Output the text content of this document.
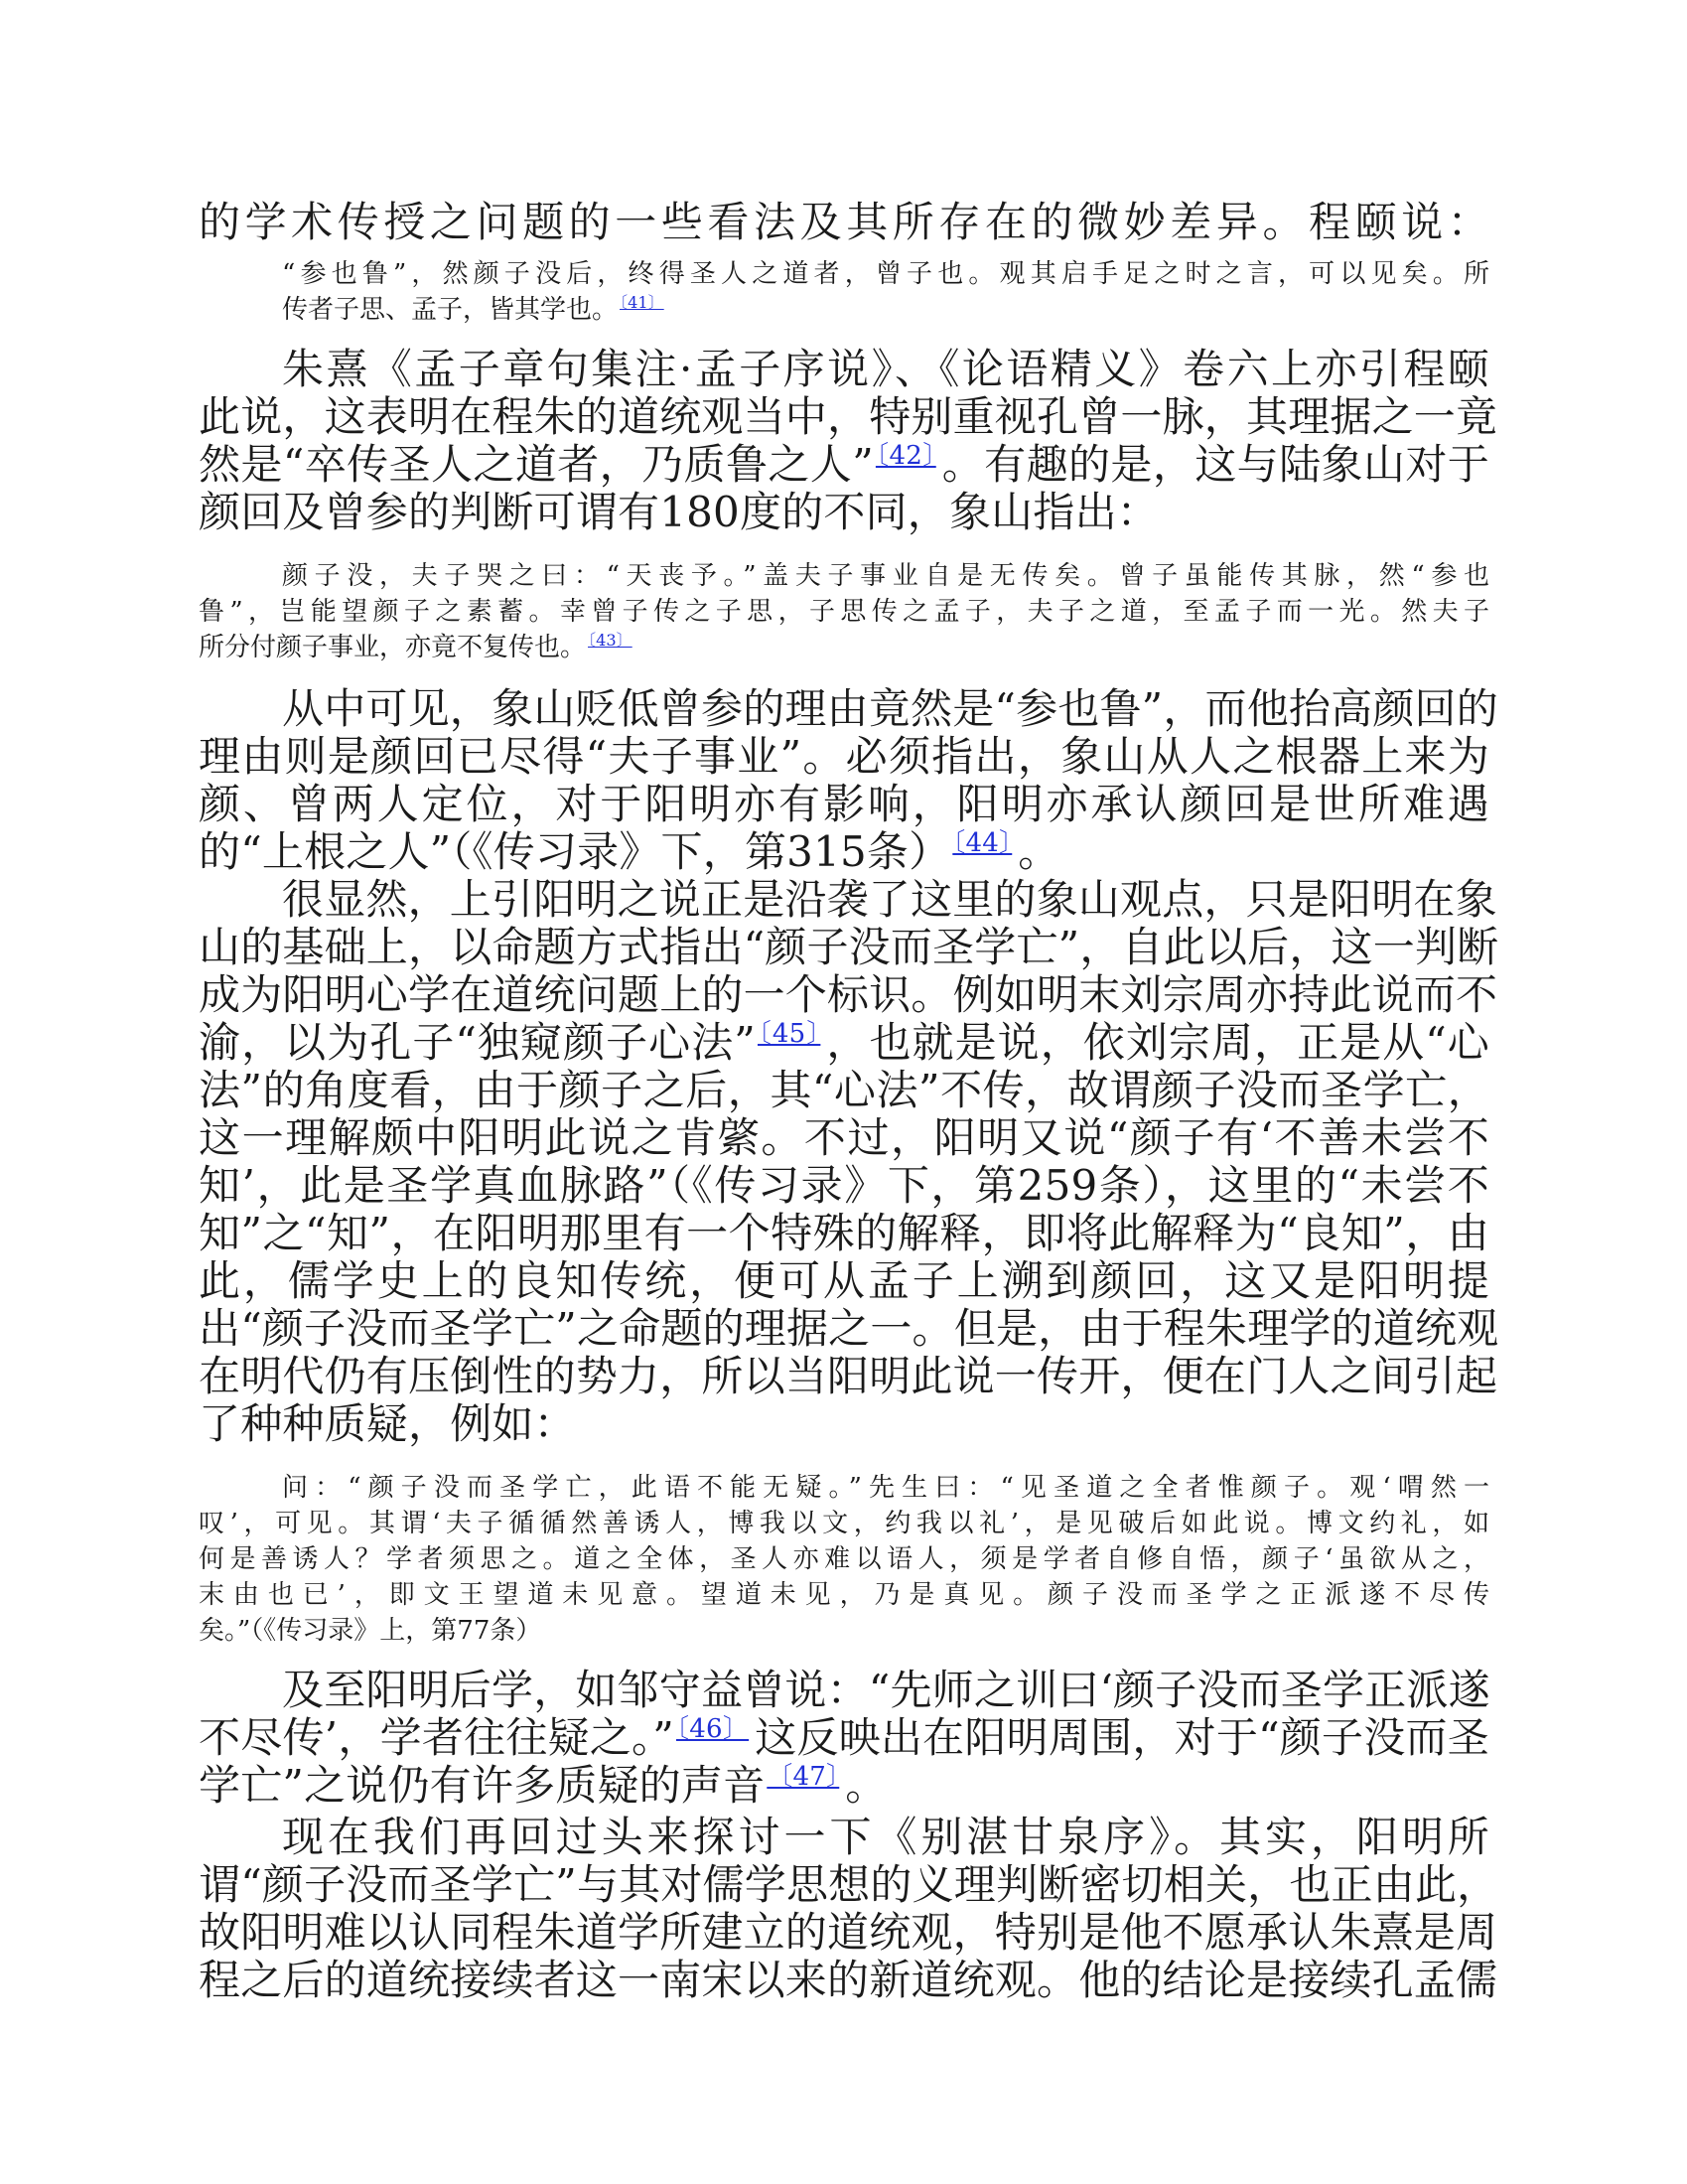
的学术传授之问题的一些看法及其所存在的微妙差异。程颐说：
“参也鲁”，然颜子没后，终得圣人之道者，曾子也。观其启手足之时之言，可以见矣。所
传者子思、孟子，皆其学也。 $^{〔41〕}$
朱熹《孟子章句集注·孟子序说》、《论语精义》卷六上亦引程颐
此说，这表明在程朱的道统观当中，特别重视孔曾一脉，其理据之一竟
然是“卒传圣人之道者，乃质鲁之人”$^{〔42〕}$ 。有趣的是，这与陆象山对于
颜回及曾参的判断可谓有180度的不同，象山指出：
颜子没，夫子哭之曰：“天丧予。”盖夫子事业自是无传矣。曾子虽能传其脉，然“参也
鲁”，岂能望颜子之素蓄。幸曾子传之子思，子思传之孟子，夫子之道，至孟子而一光。然夫子
所分付颜子事业，亦竟不复传也。 $^{〔43〕}$
从中可见，象山贬低曾参的理由竟然是“参也鲁”，而他抬高颜回的
理由则是颜回已尽得“夫子事业”。必须指出，象山从人之根器上来为
颜、曾两人定位，对于阳明亦有影响，阳明亦承认颜回是世所难遇
的“上根之人”（《传习录》下，第315条）$^{〔44〕}$ 。
很显然，上引阳明之说正是沿袭了这里的象山观点，只是阳明在象
山的基础上，以命题方式指出“颜子没而圣学亡”，自此以后，这一判断
成为阳明心学在道统问题上的一个标识。例如明末刘宗周亦持此说而不
渝，以为孔子“独窥颜子心法”$^{〔45〕}$ ，也就是说，依刘宗周，正是从“心
法”的角度看，由于颜子之后，其“心法”不传，故谓颜子没而圣学亡，
这一理解颇中阳明此说之肯綮。不过，阳明又说“颜子有‘不善未尝不
知’，此是圣学真血脉路”（《传习录》下，第259条），这里的“未尝不
知”之“知”，在阳明那里有一个特殊的解释，即将此解释为“良知”，由
此，儒学史上的良知传统，便可从孟子上溯到颜回，这又是阳明提
出“颜子没而圣学亡”之命题的理据之一。但是，由于程朱理学的道统观
在明代仍有压倒性的势力，所以当阳明此说一传开，便在门人之间引起
了种种质疑，例如：
问：“颜子没而圣学亡，此语不能无疑。”先生曰：“见圣道之全者惟颜子。观‘喟然一
叹’，可见。其谓‘夫子循循然善诱人，博我以文，约我以礼’，是见破后如此说。博文约礼，如
何是善诱人？学者须思之。道之全体，圣人亦难以语人，须是学者自修自悟，颜子‘虽欲从之，
末由也已’，即文王望道未见意。望道未见，乃是真见。颜子没而圣学之正派遂不尽传
矣。”（《传习录》上，第77条）
及至阳明后学，如邹守益曾说：“先师之训曰‘颜子没而圣学正派遂
不尽传’，学者往往疑之。”$^{〔46〕}$ 这反映出在阳明周围，对于“颜子没而圣
学亡”之说仍有许多质疑的声音$^{〔47〕}$ 。
现在我们再回过头来探讨一下《别湛甘泉序》。其实，阳明所
谓“颜子没而圣学亡”与其对儒学思想的义理判断密切相关，也正由此，
故阳明难以认同程朱道学所建立的道统观，特别是他不愿承认朱熹是周
程之后的道统接续者这一南宋以来的新道统观。他的结论是接续孔孟儒
